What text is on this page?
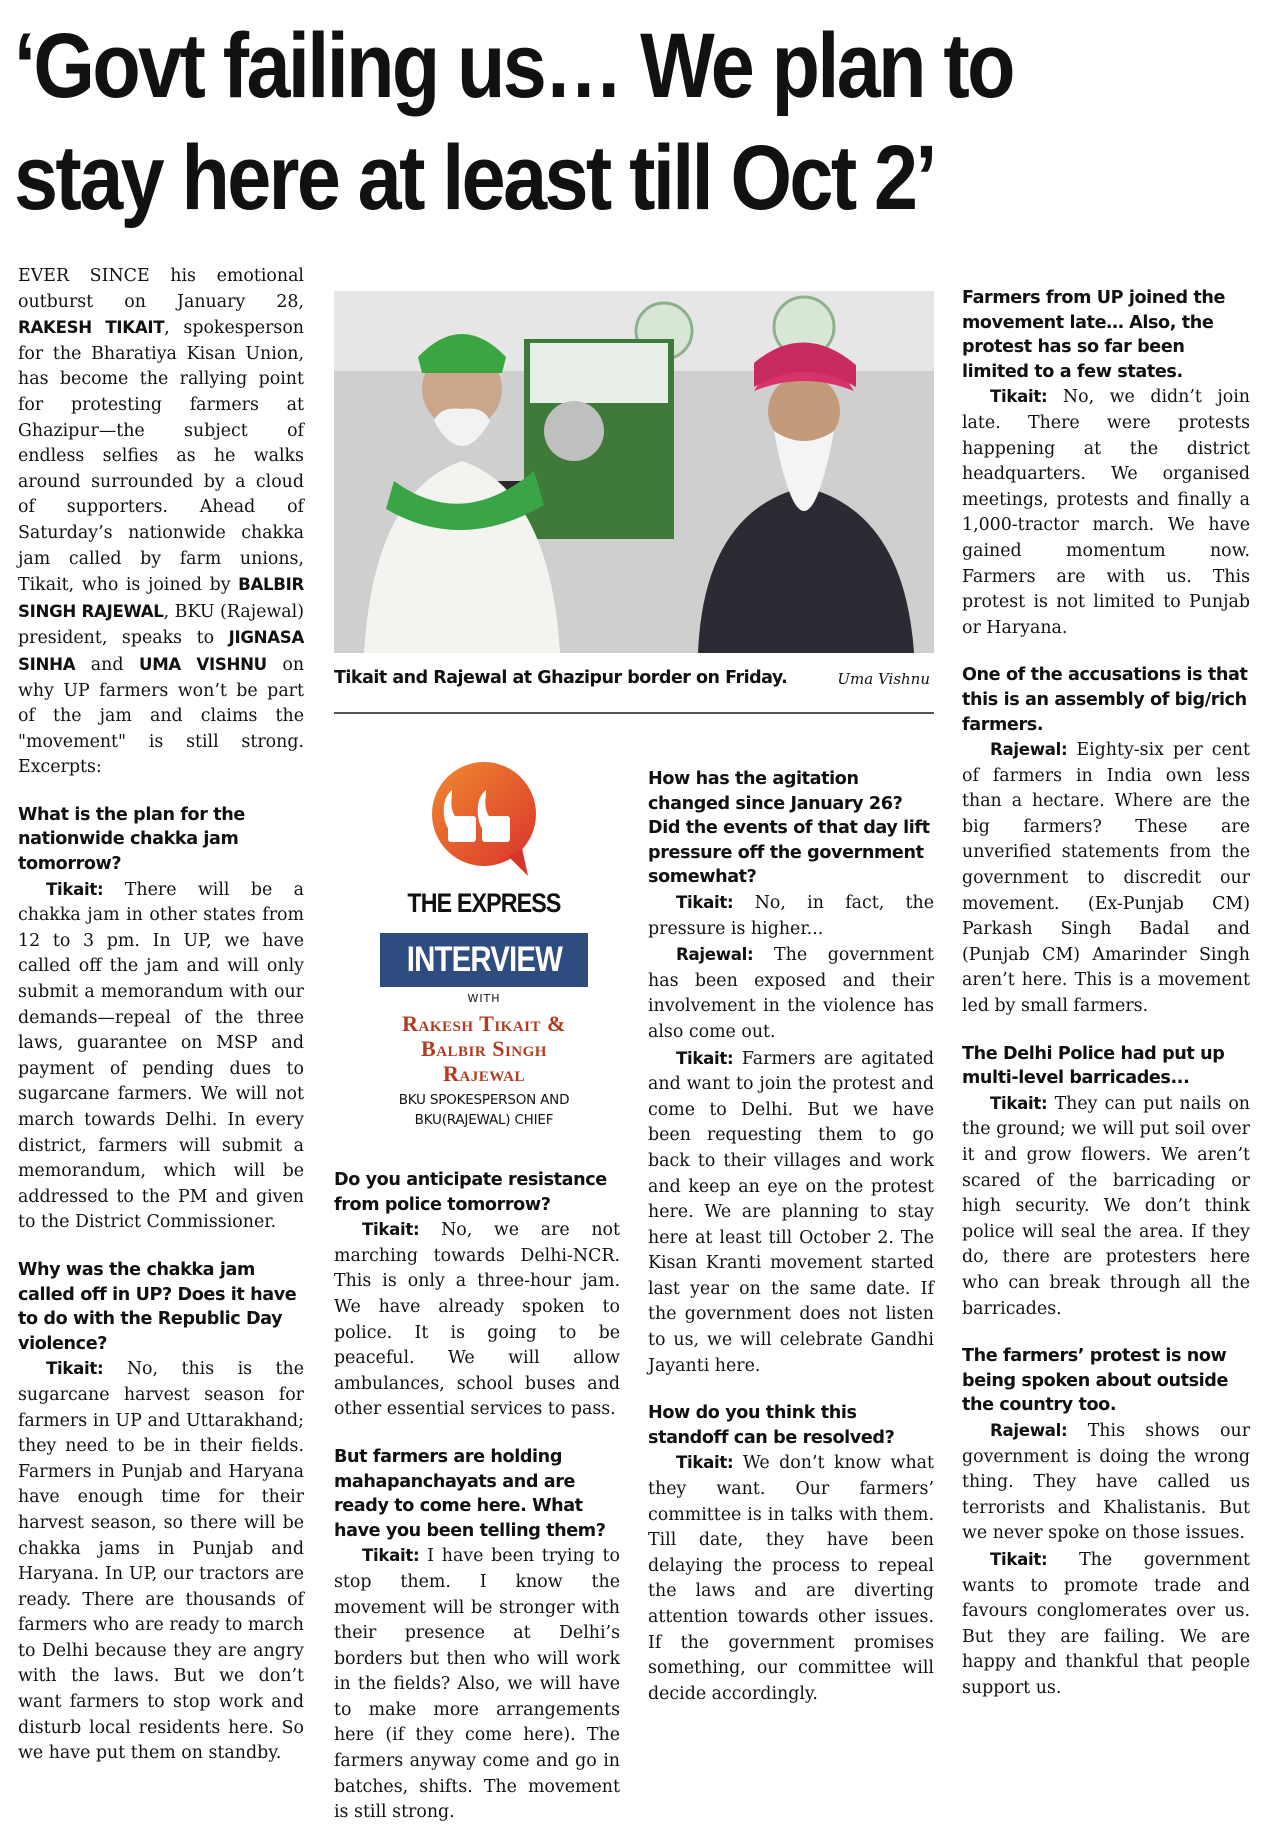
‘Govt failing us… We plan to
stay here at least till Oct 2’

EVER SINCE his emotional outburst on January 28, RAKESH TIKAIT, spokesperson for the Bharatiya Kisan Union, has become the rallying point for protesting farmers at Ghazipur—the subject of endless selfies as he walks around surrounded by a cloud of supporters. Ahead of Saturday’s nationwide chakka jam called by farm unions, Tikait, who is joined by BALBIR SINGH RAJEWAL, BKU (Rajewal) president, speaks to JIGNASA SINHA and UMA VISHNU on why UP farmers won’t be part of the jam and claims the "movement" is still strong. Excerpts:

What is the plan for the nationwide chakka jam tomorrow?

Tikait: There will be a chakka jam in other states from 12 to 3 pm. In UP, we have called off the jam and will only submit a memorandum with our demands—repeal of the three laws, guarantee on MSP and payment of pending dues to sugarcane farmers. We will not march towards Delhi. In every district, farmers will submit a memorandum, which will be addressed to the PM and given to the District Commissioner.

Why was the chakka jam called off in UP? Does it have to do with the Republic Day violence?

Tikait: No, this is the sugarcane harvest season for farmers in UP and Uttarakhand; they need to be in their fields. Farmers in Punjab and Haryana have enough time for their harvest season, so there will be chakka jams in Punjab and Haryana. In UP, our tractors are ready. There are thousands of farmers who are ready to march to Delhi because they are angry with the laws. But we don’t want farmers to stop work and disturb local residents here. So we have put them on standby.

Tikait and Rajewal at Ghazipur border on Friday.	Uma Vishnu
THE EXPRESS
INTERVIEW
WITH
Rakesh Tikait &
Balbir Singh
Rajewal
BKU SPOKESPERSON AND
BKU(RAJEWAL) CHIEF

Do you anticipate resistance from police tomorrow?

Tikait: No, we are not marching towards Delhi-NCR. This is only a three-hour jam. We have already spoken to police. It is going to be peaceful. We will allow ambulances, school buses and other essential services to pass.

But farmers are holding mahapanchayats and are ready to come here. What have you been telling them?

Tikait: I have been trying to stop them. I know the movement will be stronger with their presence at Delhi’s borders but then who will work in the fields? Also, we will have to make more arrangements here (if they come here). The farmers anyway come and go in batches, shifts. The movement is still strong.

How has the agitation changed since January 26? Did the events of that day lift pressure off the government somewhat?

Tikait: No, in fact, the pressure is higher...

Rajewal: The government has been exposed and their involvement in the violence has also come out.

Tikait: Farmers are agitated and want to join the protest and come to Delhi. But we have been requesting them to go back to their villages and work and keep an eye on the protest here. We are planning to stay here at least till October 2. The Kisan Kranti movement started last year on the same date. If the government does not listen to us, we will celebrate Gandhi Jayanti here.

How do you think this standoff can be resolved?

Tikait: We don’t know what they want. Our farmers’ committee is in talks with them. Till date, they have been delaying the process to repeal the laws and are diverting attention towards other issues. If the government promises something, our committee will decide accordingly.

Farmers from UP joined the movement late… Also, the protest has so far been limited to a few states.

Tikait: No, we didn’t join late. There were protests happening at the district headquarters. We organised meetings, protests and finally a 1,000-tractor march. We have gained momentum now. Farmers are with us. This protest is not limited to Punjab or Haryana.

One of the accusations is that this is an assembly of big/rich farmers.

Rajewal: Eighty-six per cent of farmers in India own less than a hectare. Where are the big farmers? These are unverified statements from the government to discredit our movement. (Ex-Punjab CM) Parkash Singh Badal and (Punjab CM) Amarinder Singh aren’t here. This is a movement led by small farmers.

The Delhi Police had put up multi-level barricades...

Tikait: They can put nails on the ground; we will put soil over it and grow flowers. We aren’t scared of the barricading or high security. We don’t think police will seal the area. If they do, there are protesters here who can break through all the barricades.

The farmers’ protest is now being spoken about outside the country too.

Rajewal: This shows our government is doing the wrong thing. They have called us terrorists and Khalistanis. But we never spoke on those issues.

Tikait: The government wants to promote trade and favours conglomerates over us. But they are failing. We are happy and thankful that people support us.
